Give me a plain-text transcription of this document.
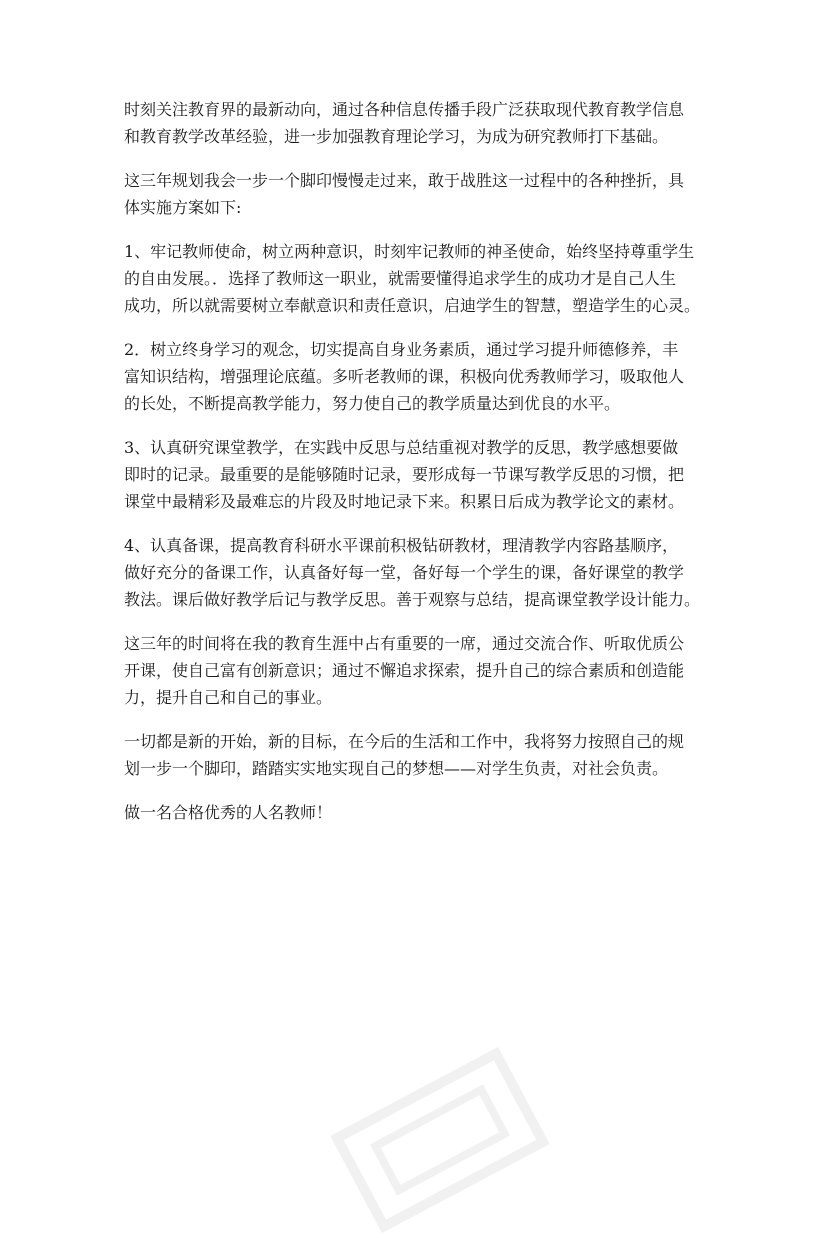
时刻关注教育界的最新动向，通过各种信息传播手段广泛获取现代教育教学信息
和教育教学改革经验，进一步加强教育理论学习，为成为研究教师打下基础。

这三年规划我会一步一个脚印慢慢走过来，敢于战胜这一过程中的各种挫折，具
体实施方案如下:

1、牢记教师使命，树立两种意识，时刻牢记教师的神圣使命，始终坚持尊重学生
的自由发展。．选择了教师这一职业，就需要懂得追求学生的成功才是自己人生
成功，所以就需要树立奉献意识和责任意识，启迪学生的智慧，塑造学生的心灵。

2．树立终身学习的观念，切实提高自身业务素质，通过学习提升师德修养，丰
富知识结构，增强理论底蕴。多听老教师的课，积极向优秀教师学习，吸取他人
的长处，不断提高教学能力，努力使自己的教学质量达到优良的水平。

3、认真研究课堂教学，在实践中反思与总结重视对教学的反思，教学感想要做
即时的记录。最重要的是能够随时记录，要形成每一节课写教学反思的习惯，把
课堂中最精彩及最难忘的片段及时地记录下来。积累日后成为教学论文的素材。

4、认真备课，提高教育科研水平课前积极钻研教材，理清教学内容路基顺序，
做好充分的备课工作，认真备好每一堂，备好每一个学生的课，备好课堂的教学
教法。课后做好教学后记与教学反思。善于观察与总结，提高课堂教学设计能力。

这三年的时间将在我的教育生涯中占有重要的一席，通过交流合作、听取优质公
开课，使自己富有创新意识；通过不懈追求探索，提升自己的综合素质和创造能
力，提升自己和自己的事业。

一切都是新的开始，新的目标，在今后的生活和工作中，我将努力按照自己的规
划一步一个脚印，踏踏实实地实现自己的梦想——对学生负责，对社会负责。

做一名合格优秀的人名教师！
